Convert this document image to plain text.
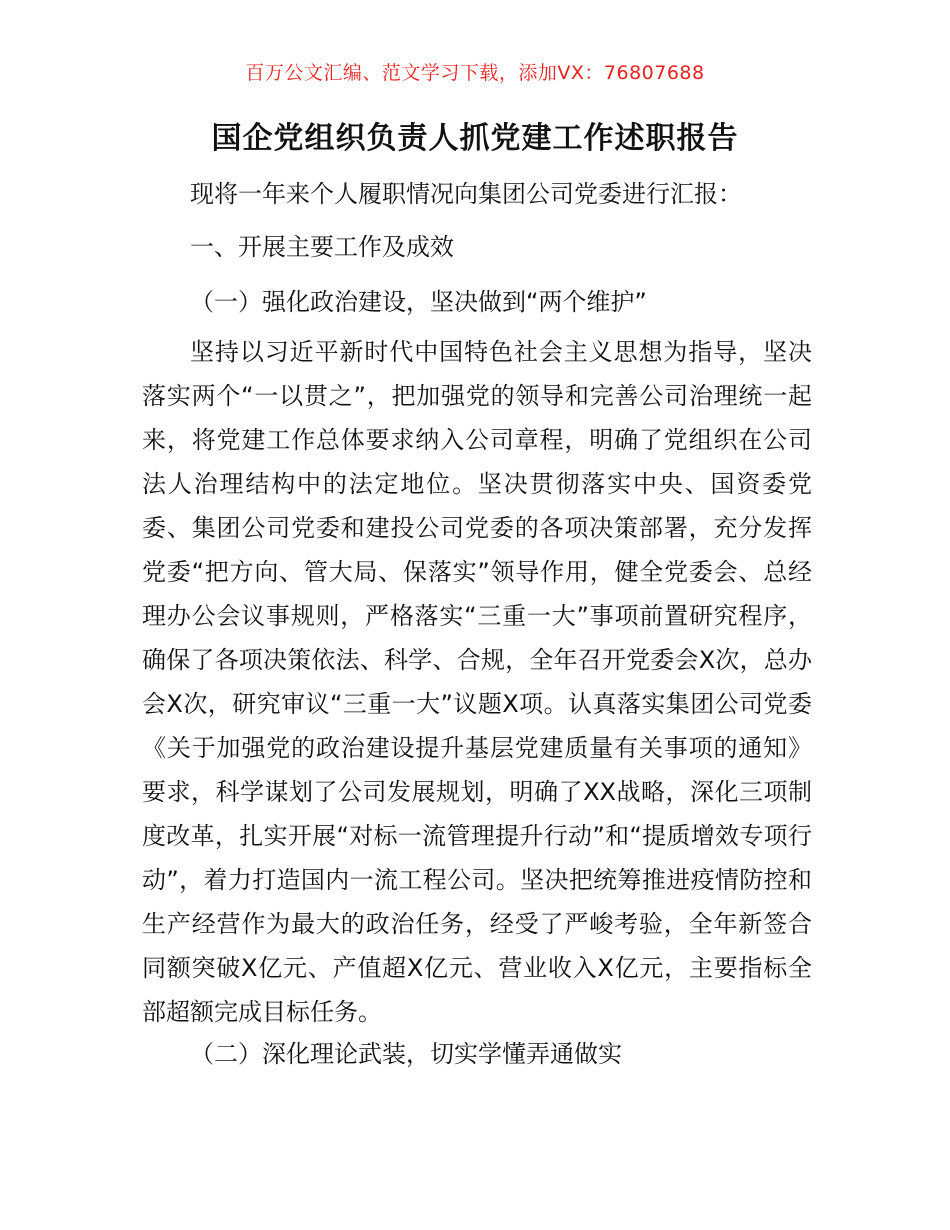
百万公文汇编、范文学习下载，添加VX：76807688
国企党组织负责人抓党建工作述职报告
现将一年来个人履职情况向集团公司党委进行汇报：
一、开展主要工作及成效
（一）强化政治建设，坚决做到“两个维护”

坚持以习近平新时代中国特色社会主义思想为指导，坚决落实两个“一以贯之”，把加强党的领导和完善公司治理统一起来，将党建工作总体要求纳入公司章程，明确了党组织在公司法人治理结构中的法定地位。坚决贯彻落实中央、国资委党委、集团公司党委和建投公司党委的各项决策部署，充分发挥党委“把方向、管大局、保落实”领导作用，健全党委会、总经理办公会议事规则，严格落实“三重一大”事项前置研究程序，确保了各项决策依法、科学、合规，全年召开党委会X次，总办会X次，研究审议“三重一大”议题X项。认真落实集团公司党委《关于加强党的政治建设提升基层党建质量有关事项的通知》要求，科学谋划了公司发展规划，明确了XX战略，深化三项制度改革，扎实开展“对标一流管理提升行动”和“提质增效专项行动”，着力打造国内一流工程公司。坚决把统筹推进疫情防控和生产经营作为最大的政治任务，经受了严峻考验，全年新签合同额突破X亿元、产值超X亿元、营业收入X亿元，主要指标全部超额完成目标任务。

（二）深化理论武装，切实学懂弄通做实
